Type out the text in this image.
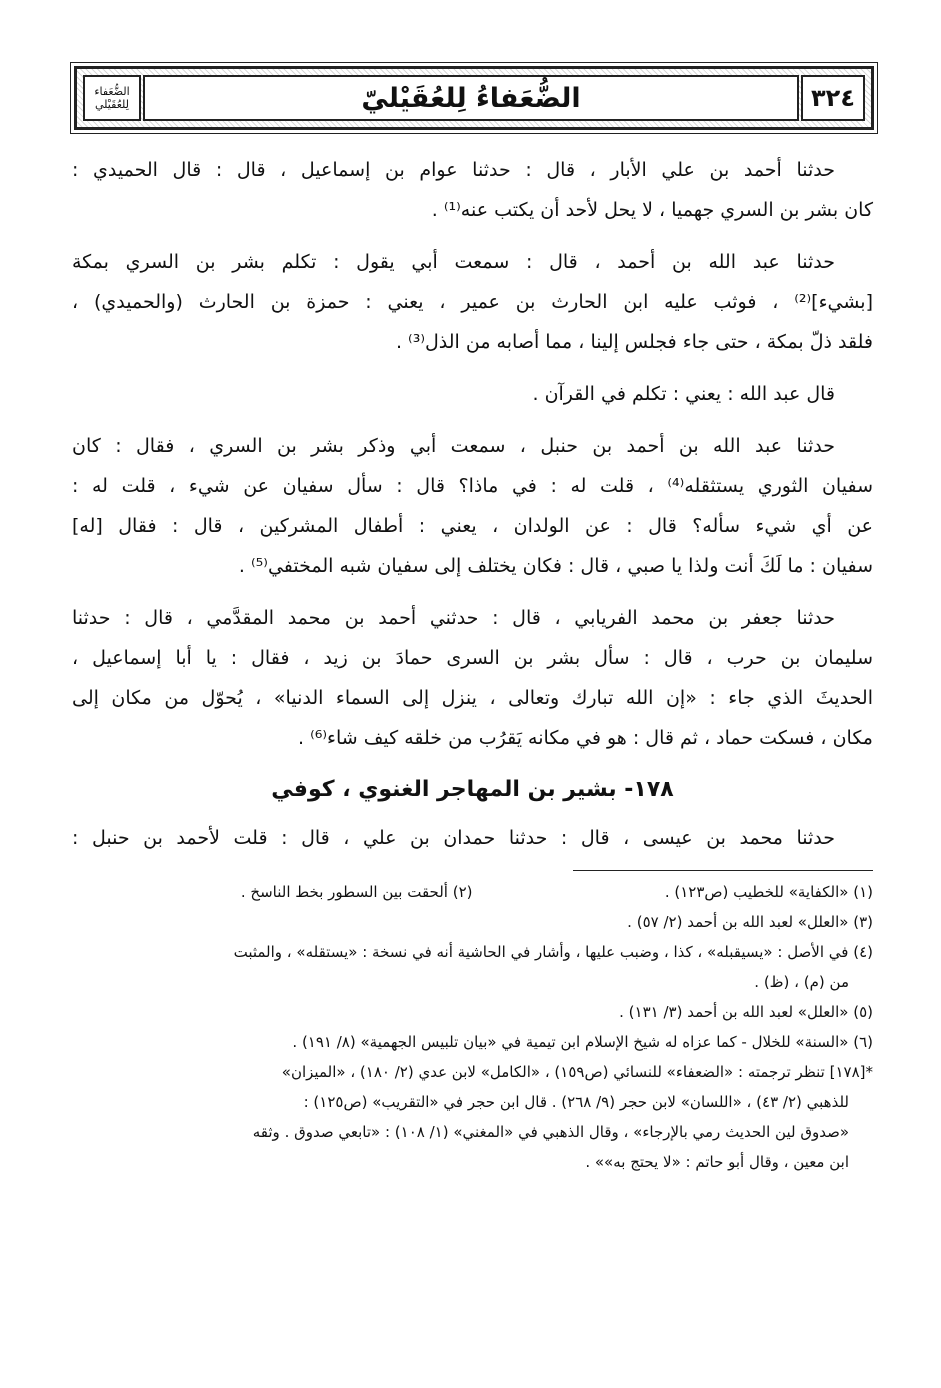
٣٢٤
الضُّعَفاءُ لِلعُقَيْليّ
الضُّعَفاء
لِلعُقَيْلي

حدثنا أحمد بن علي الأبار ، قال : حدثنا عوام بن إسماعيل ، قال : قال الحميدي :
كان بشر بن السري جهميا ، لا يحل لأحد أن يكتب عنه⁽¹⁾ .

حدثنا عبد الله بن أحمد ، قال : سمعت أبي يقول : تكلم بشر بن السري بمكة
[بشيء]⁽²⁾ ، فوثب عليه ابن الحارث بن عمير ، يعني : حمزة بن الحارث (والحميدي) ،
فلقد ذلّ بمكة ، حتى جاء فجلس إلينا ، مما أصابه من الذل⁽³⁾ .

قال عبد الله : يعني : تكلم في القرآن .

حدثنا عبد الله بن أحمد بن حنبل ، سمعت أبي وذكر بشر بن السري ، فقال : كان
سفيان الثوري يستثقله⁽⁴⁾ ، قلت له : في ماذا؟ قال : سأل سفيان عن شيء ، قلت له :
عن أي شيء سأله؟ قال : عن الولدان ، يعني : أطفال المشركين ، قال : فقال [له]
سفيان : ما لَكَ أنت ولذا يا صبي ، قال : فكان يختلف إلى سفيان شبه المختفي⁽⁵⁾ .

حدثنا جعفر بن محمد الفريابي ، قال : حدثني أحمد بن محمد المقدَّمي ، قال : حدثنا
سليمان بن حرب ، قال : سأل بشر بن السرى حمادَ بن زيد ، فقال : يا أبا إسماعيل ،
الحديثَ الذي جاء : «إن الله تبارك وتعالى ، ينزل إلى السماء الدنيا» ، يُحوّل من مكان إلى
مكان ، فسكت حماد ، ثم قال : هو في مكانه يَقرُب من خلقه كيف شاء⁽⁶⁾ .

١٧٨- بشير بن المهاجر الغنوي ، كوفي

حدثنا محمد بن عيسى ، قال : حدثنا حمدان بن علي ، قال : قلت لأحمد بن حنبل :

(١) «الكفاية» للخطيب (ص١٢٣) .
(٢) ألحقت بين السطور بخط الناسخ .
(٣) «العلل» لعبد الله بن أحمد (٢/ ٥٧) .
(٤) في الأصل : «يسيقبله» ، كذا ، وضبب عليها ، وأشار في الحاشية أنه في نسخة : «يستقله» ، والمثبت
من (م) ، (ظ) .
(٥) «العلل» لعبد الله بن أحمد (٣/ ١٣١) .
(٦) «السنة» للخلال - كما عزاه له شيخ الإسلام ابن تيمية في «بيان تلبيس الجهمية» (٨/ ١٩١) .
*[١٧٨] تنظر ترجمته : «الضعفاء» للنسائي (ص١٥٩) ، «الكامل» لابن عدي (٢/ ١٨٠) ، «الميزان»
للذهبي (٢/ ٤٣) ، «اللسان» لابن حجر (٩/ ٢٦٨) . قال ابن حجر في «التقريب» (ص١٢٥) :
«صدوق لين الحديث رمي بالإرجاء» ، وقال الذهبي في «المغني» (١/ ١٠٨) : «تابعي صدوق . وثقه
ابن معين ، وقال أبو حاتم : «لا يحتج به»» .
